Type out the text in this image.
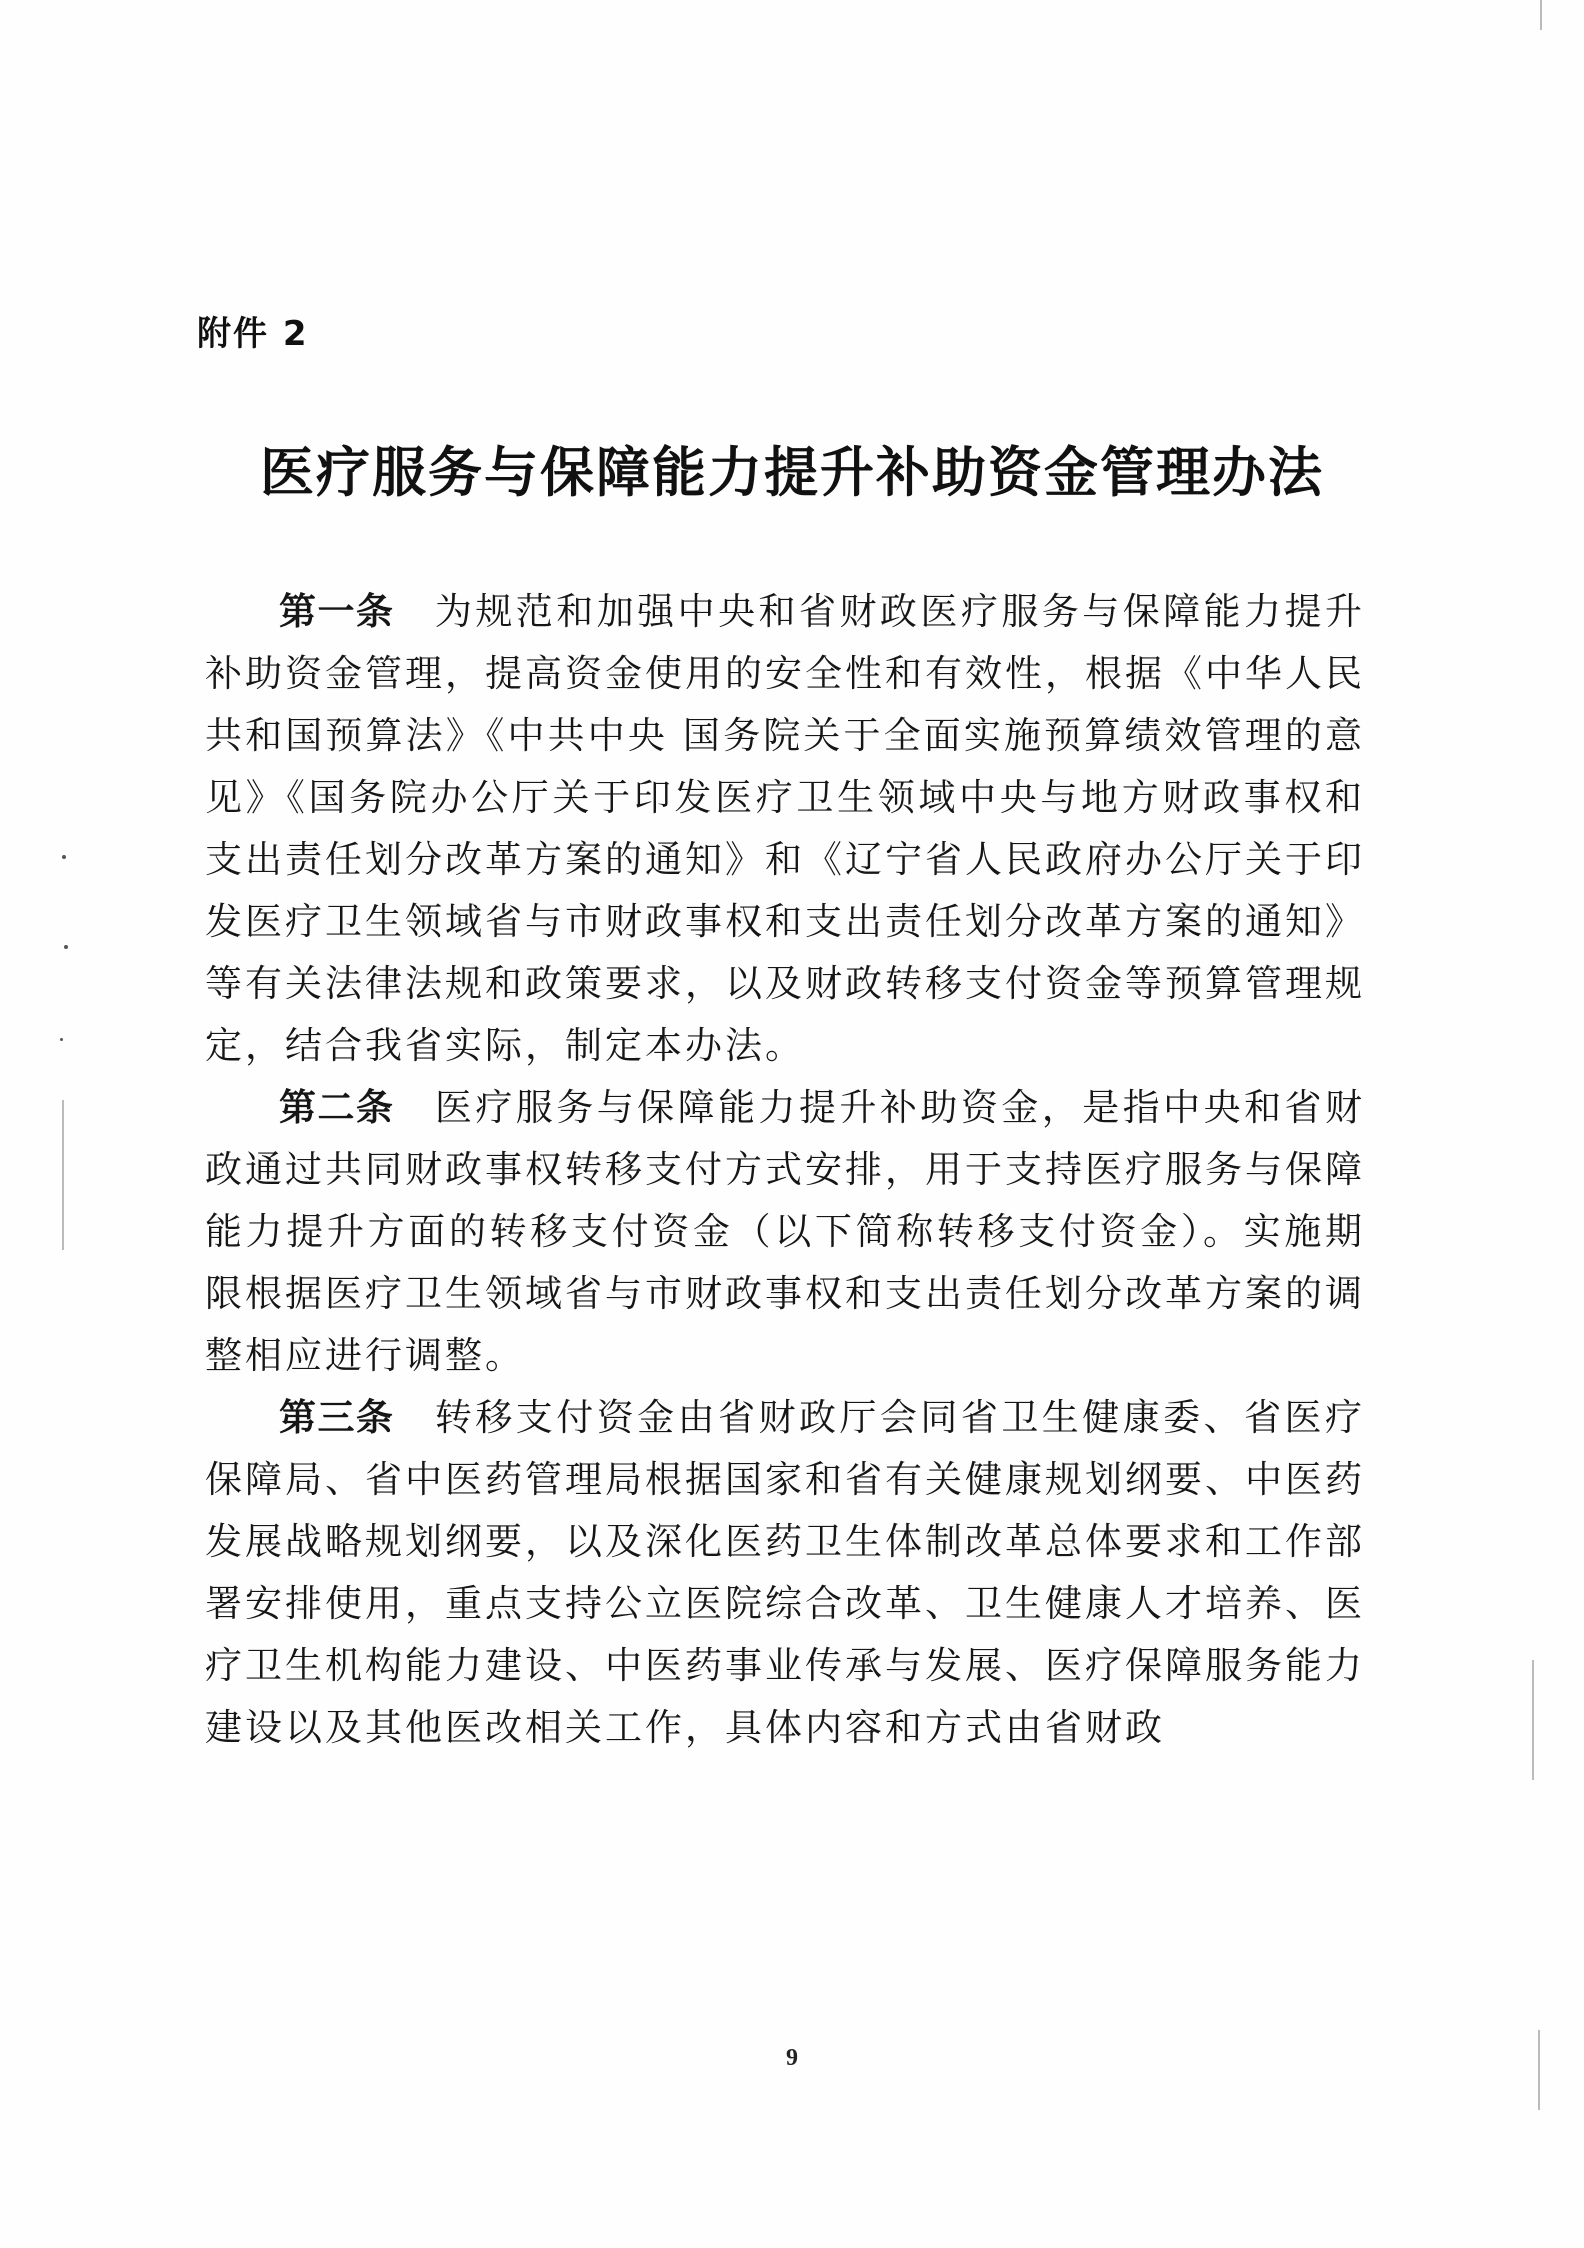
附件 2
医疗服务与保障能力提升补助资金管理办法

第一条  为规范和加强中央和省财政医疗服务与保障能力提升补助资金管理，提高资金使用的安全性和有效性，根据《中华人民共和国预算法》《中共中央 国务院关于全面实施预算绩效管理的意见》《国务院办公厅关于印发医疗卫生领域中央与地方财政事权和支出责任划分改革方案的通知》和《辽宁省人民政府办公厅关于印发医疗卫生领域省与市财政事权和支出责任划分改革方案的通知》等有关法律法规和政策要求，以及财政转移支付资金等预算管理规定，结合我省实际，制定本办法。

第二条  医疗服务与保障能力提升补助资金，是指中央和省财政通过共同财政事权转移支付方式安排，用于支持医疗服务与保障能力提升方面的转移支付资金（以下简称转移支付资金）。实施期限根据医疗卫生领域省与市财政事权和支出责任划分改革方案的调整相应进行调整。

第三条  转移支付资金由省财政厅会同省卫生健康委、省医疗保障局、省中医药管理局根据国家和省有关健康规划纲要、中医药发展战略规划纲要，以及深化医药卫生体制改革总体要求和工作部署安排使用，重点支持公立医院综合改革、卫生健康人才培养、医疗卫生机构能力建设、中医药事业传承与发展、医疗保障服务能力建设以及其他医改相关工作，具体内容和方式由省财政

9
